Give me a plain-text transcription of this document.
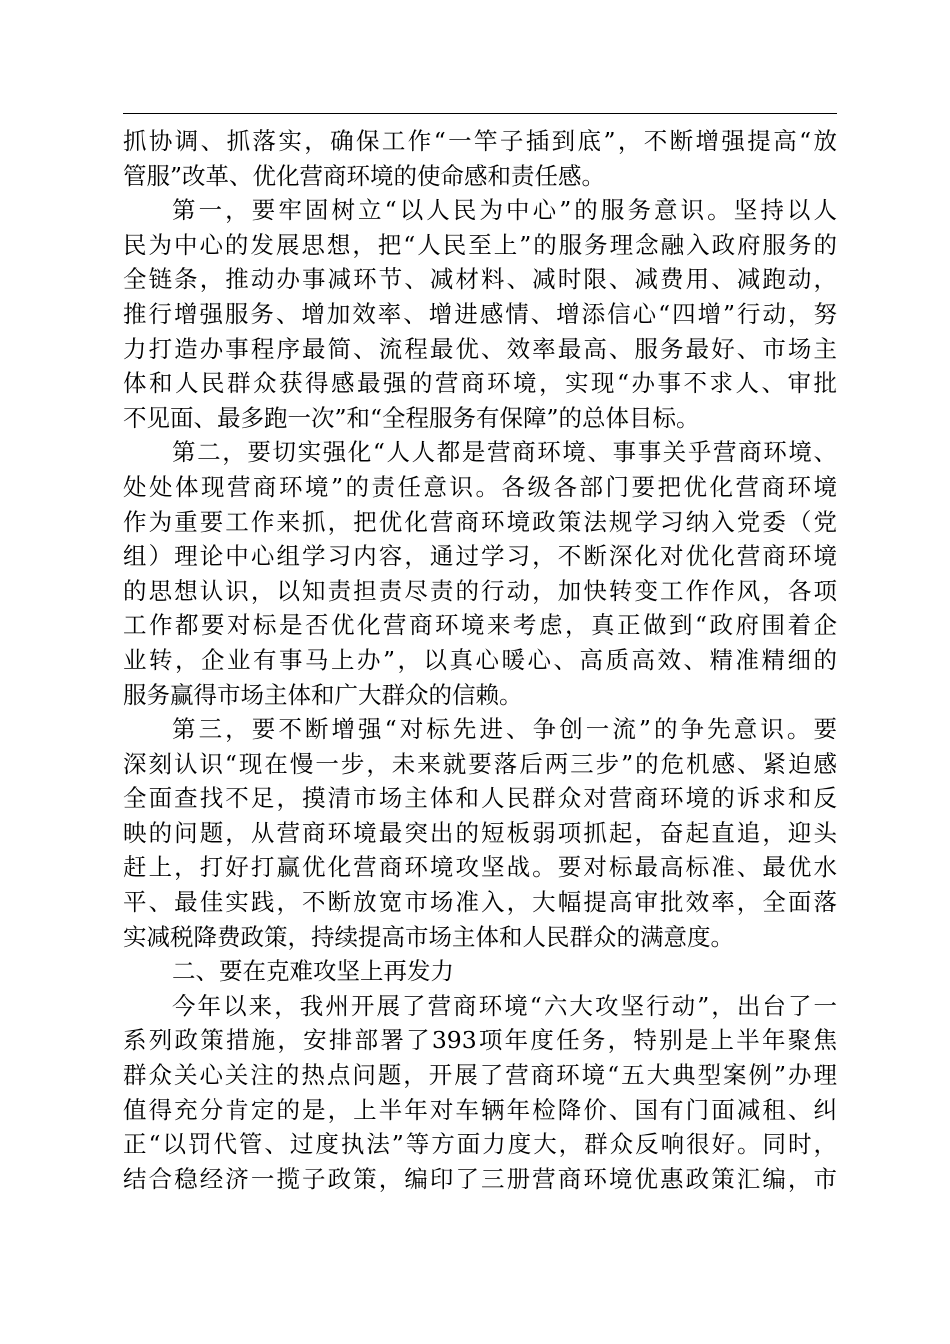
抓协调、抓落实，确保工作“一竿子插到底”，不断增强提高“放
管服”改革、优化营商环境的使命感和责任感。
第一，要牢固树立“以人民为中心”的服务意识。坚持以人
民为中心的发展思想，把“人民至上”的服务理念融入政府服务的
全链条，推动办事减环节、减材料、减时限、减费用、减跑动，
推行增强服务、增加效率、增进感情、增添信心“四增”行动，努
力打造办事程序最简、流程最优、效率最高、服务最好、市场主
体和人民群众获得感最强的营商环境，实现“办事不求人、审批
不见面、最多跑一次”和“全程服务有保障”的总体目标。
第二，要切实强化“人人都是营商环境、事事关乎营商环境、
处处体现营商环境”的责任意识。各级各部门要把优化营商环境
作为重要工作来抓，把优化营商环境政策法规学习纳入党委（党
组）理论中心组学习内容，通过学习，不断深化对优化营商环境
的思想认识，以知责担责尽责的行动，加快转变工作作风，各项
工作都要对标是否优化营商环境来考虑，真正做到“政府围着企
业转，企业有事马上办”，以真心暖心、高质高效、精准精细的
服务赢得市场主体和广大群众的信赖。
第三，要不断增强“对标先进、争创一流”的争先意识。要
深刻认识“现在慢一步，未来就要落后两三步”的危机感、紧迫感
全面查找不足，摸清市场主体和人民群众对营商环境的诉求和反
映的问题，从营商环境最突出的短板弱项抓起，奋起直追，迎头
赶上，打好打赢优化营商环境攻坚战。要对标最高标准、最优水
平、最佳实践，不断放宽市场准入，大幅提高审批效率，全面落
实减税降费政策，持续提高市场主体和人民群众的满意度。
二、要在克难攻坚上再发力
今年以来，我州开展了营商环境“六大攻坚行动”，出台了一
系列政策措施，安排部署了393项年度任务，特别是上半年聚焦
群众关心关注的热点问题，开展了营商环境“五大典型案例”办理
值得充分肯定的是，上半年对车辆年检降价、国有门面减租、纠
正“以罚代管、过度执法”等方面力度大，群众反响很好。同时，
结合稳经济一揽子政策，编印了三册营商环境优惠政策汇编，市
